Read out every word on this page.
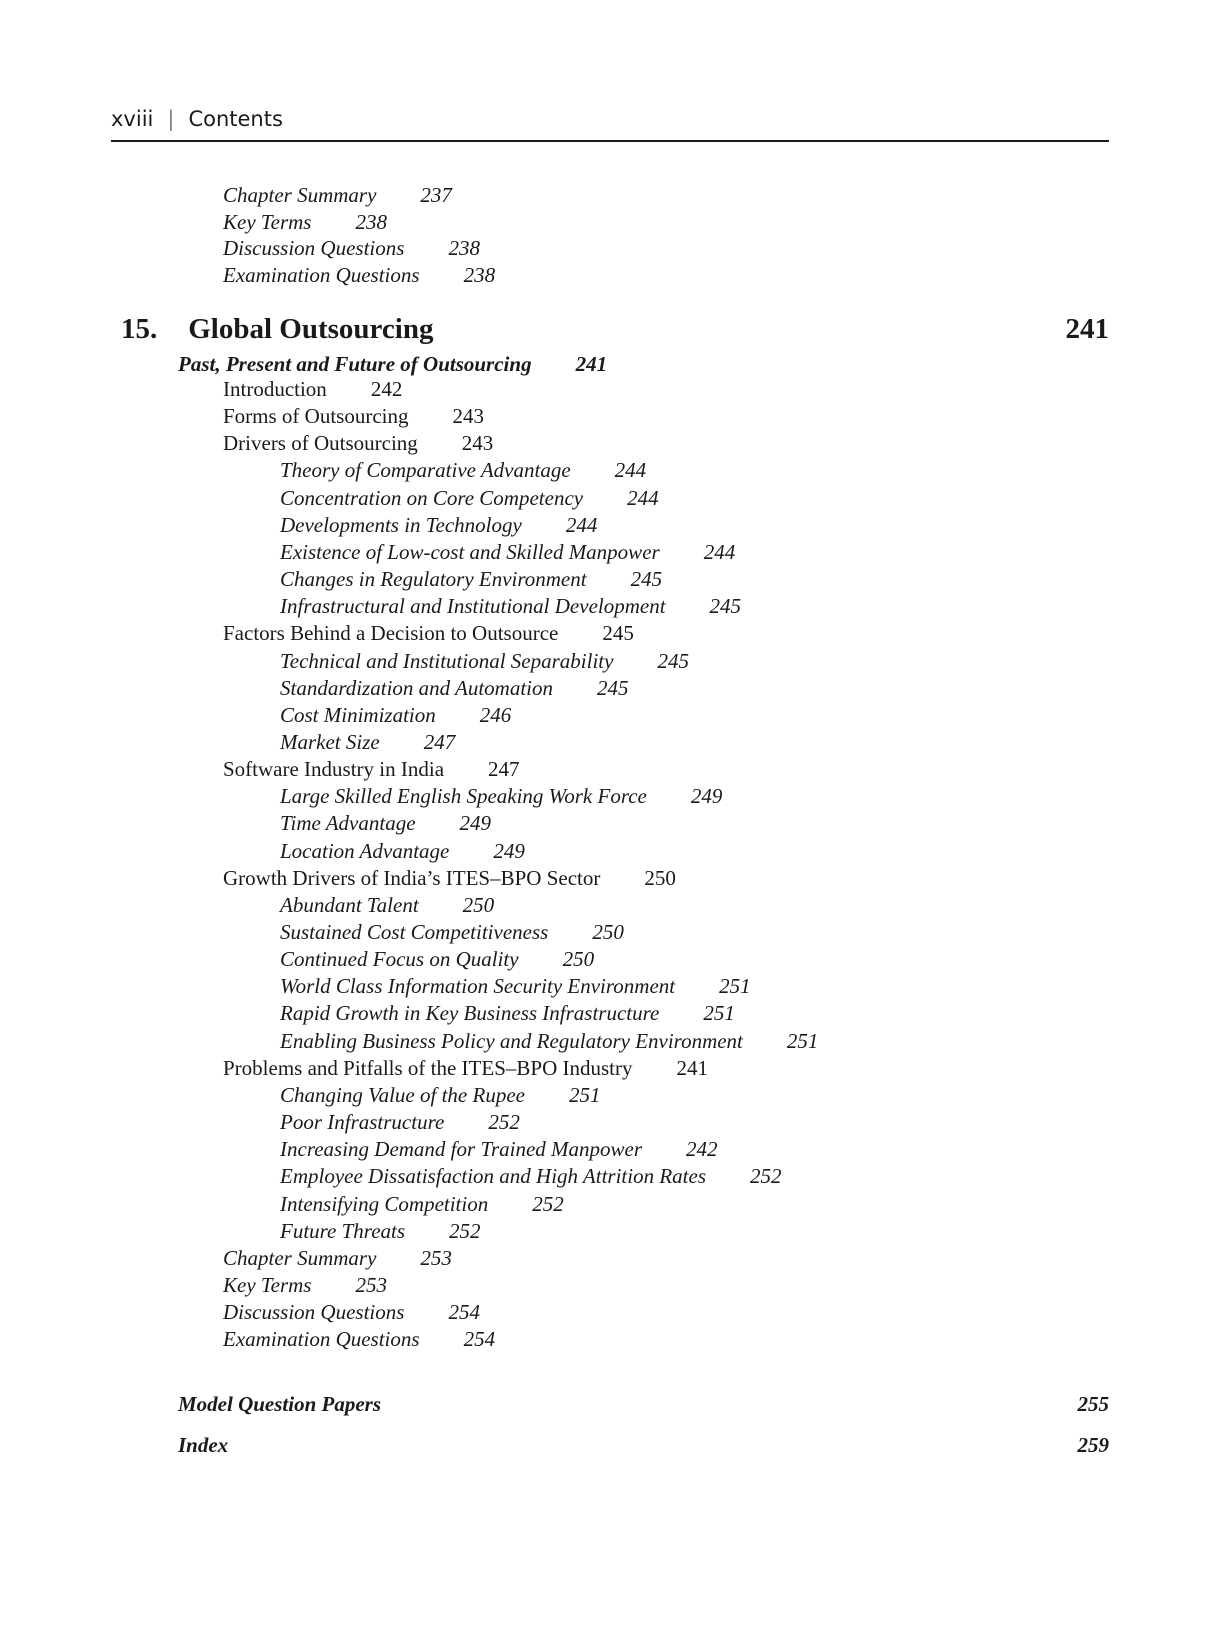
xviii | Contents
Chapter Summary 237
Key Terms 238
Discussion Questions 238
Examination Questions 238
15. Global Outsourcing	241
Past, Present and Future of Outsourcing 241
Introduction 242
Forms of Outsourcing 243
Drivers of Outsourcing 243
Theory of Comparative Advantage 244
Concentration on Core Competency 244
Developments in Technology 244
Existence of Low-cost and Skilled Manpower 244
Changes in Regulatory Environment 245
Infrastructural and Institutional Development 245
Factors Behind a Decision to Outsource 245
Technical and Institutional Separability 245
Standardization and Automation 245
Cost Minimization 246
Market Size 247
Software Industry in India 247
Large Skilled English Speaking Work Force 249
Time Advantage 249
Location Advantage 249
Growth Drivers of India’s ITES–BPO Sector 250
Abundant Talent 250
Sustained Cost Competitiveness 250
Continued Focus on Quality 250
World Class Information Security Environment 251
Rapid Growth in Key Business Infrastructure 251
Enabling Business Policy and Regulatory Environment 251
Problems and Pitfalls of the ITES–BPO Industry 241
Changing Value of the Rupee 251
Poor Infrastructure 252
Increasing Demand for Trained Manpower 242
Employee Dissatisfaction and High Attrition Rates 252
Intensifying Competition 252
Future Threats 252
Chapter Summary 253
Key Terms 253
Discussion Questions 254
Examination Questions 254
Model Question Papers	255
Index	259
